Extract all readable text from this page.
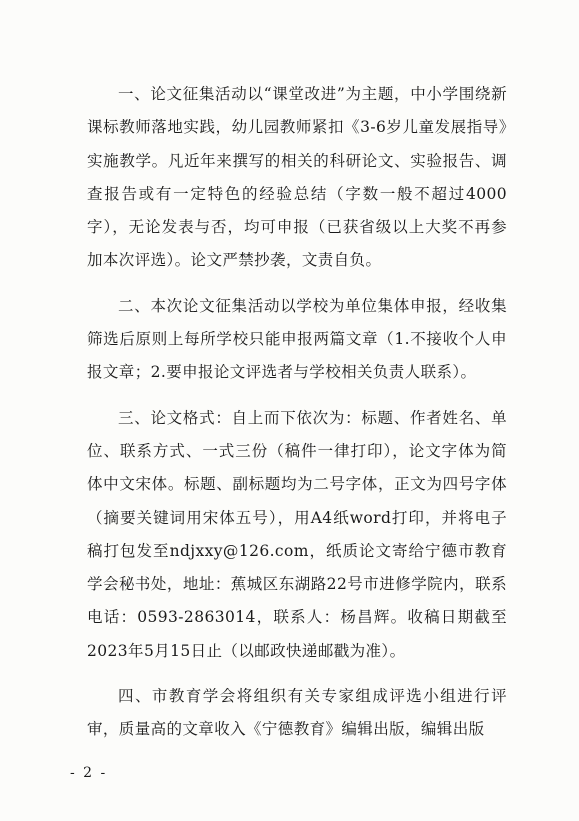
一、论文征集活动以“课堂改进”为主题，中小学围绕新课标教师落地实践，幼儿园教师紧扣《3-6岁儿童发展指导》实施教学。凡近年来撰写的相关的科研论文、实验报告、调查报告或有一定特色的经验总结（字数一般不超过4000字），无论发表与否，均可申报（已获省级以上大奖不再参加本次评选）。论文严禁抄袭，文责自负。

二、本次论文征集活动以学校为单位集体申报，经收集筛选后原则上每所学校只能申报两篇文章（1.不接收个人申报文章；2.要申报论文评选者与学校相关负责人联系）。

三、论文格式：自上而下依次为：标题、作者姓名、单位、联系方式、一式三份（稿件一律打印），论文字体为简体中文宋体。标题、副标题均为二号字体，正文为四号字体（摘要关键词用宋体五号），用A4纸word打印，并将电子稿打包发至ndjxxy@126.com，纸质论文寄给宁德市教育学会秘书处，地址：蕉城区东湖路22号市进修学院内，联系电话：0593-2863014，联系人：杨昌辉。收稿日期截至2023年5月15日止（以邮政快递邮戳为准）。

四、市教育学会将组织有关专家组成评选小组进行评审，质量高的文章收入《宁德教育》编辑出版，编辑出版

- 2 -
